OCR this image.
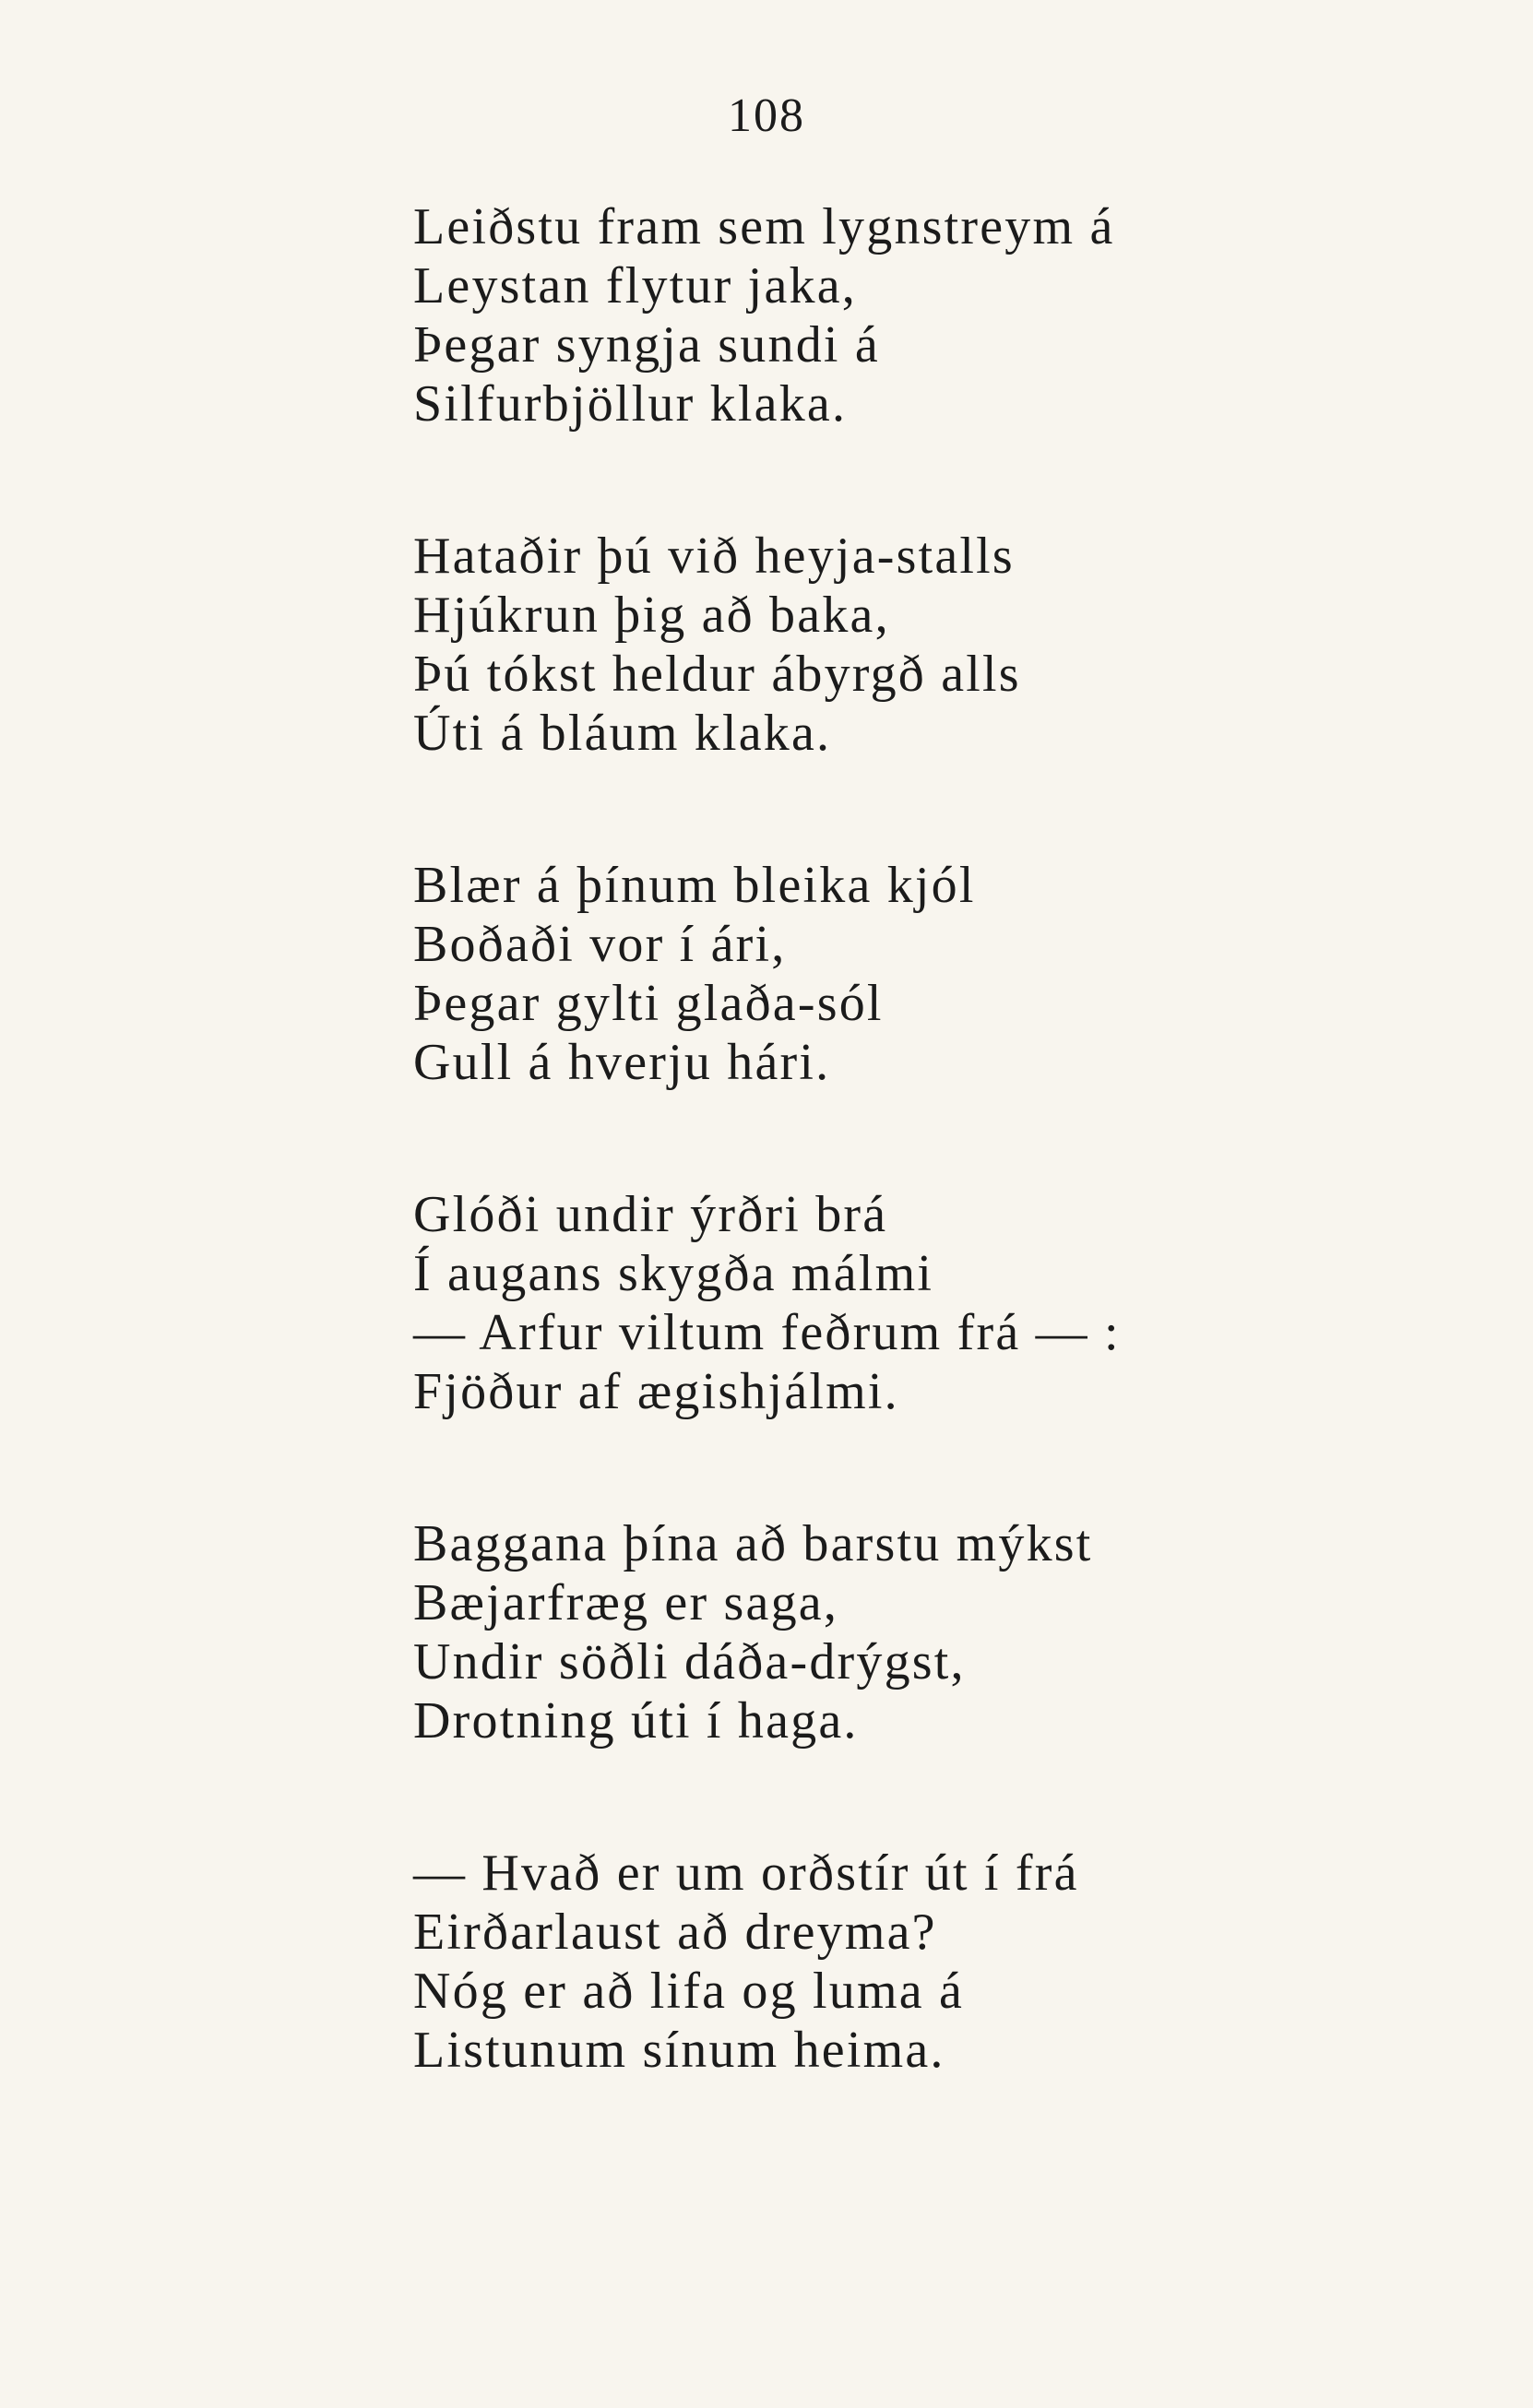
108
Leiðstu fram sem lygnstreym á
Leystan flytur jaka,
Þegar syngja sundi á
Silfurbjöllur klaka.
Hataðir þú við heyja-stalls
Hjúkrun þig að baka,
Þú tókst heldur ábyrgð alls
Úti á bláum klaka.
Blær á þínum bleika kjól
Boðaði vor í ári,
Þegar gylti glaða-sól
Gull á hverju hári.
Glóði undir ýrðri brá
Í augans skygða málmi
— Arfur viltum feðrum frá — :
Fjöður af ægishjálmi.
Baggana þína að barstu mýkst
Bæjarfræg er saga,
Undir söðli dáða-drýgst,
Drotning úti í haga.
— Hvað er um orðstír út í frá
Eirðarlaust að dreyma?
Nóg er að lifa og luma á
Listunum sínum heima.
